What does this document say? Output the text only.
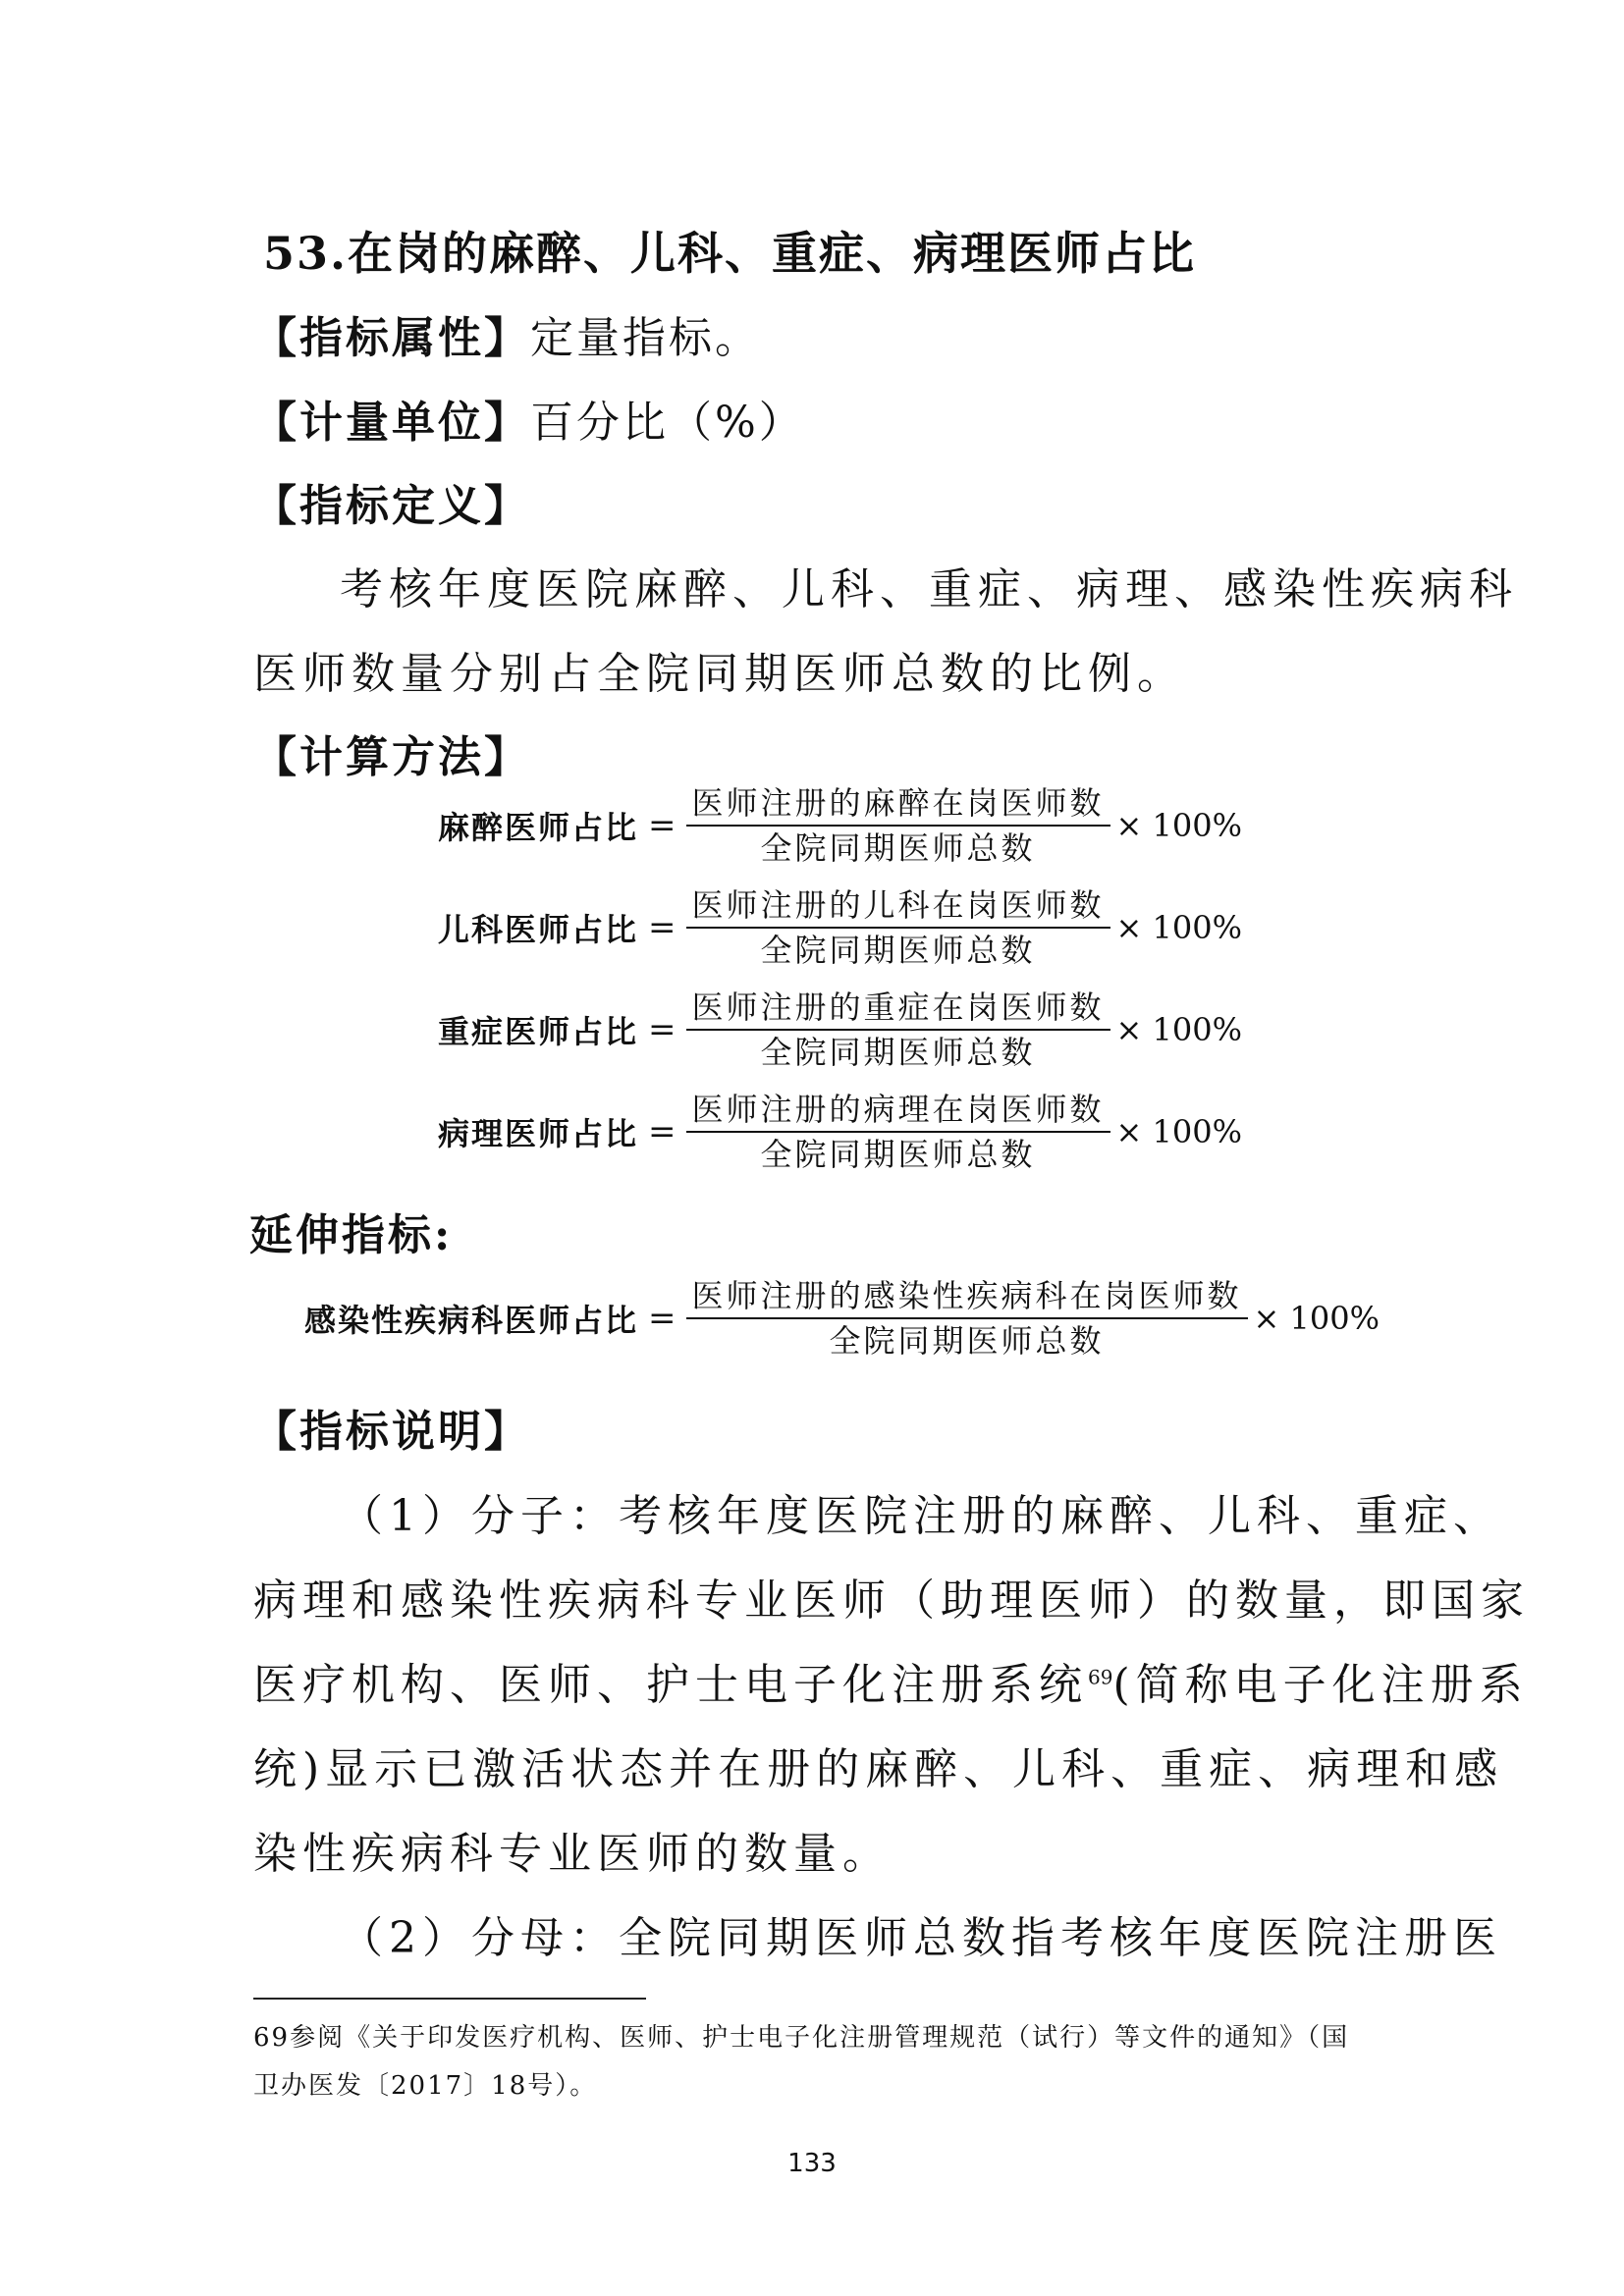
53.在岗的麻醉、儿科、重症、病理医师占比
【指标属性】定量指标。
【计量单位】百分比（%）
【指标定义】
考核年度医院麻醉、儿科、重症、病理、感染性疾病科
医师数量分别占全院同期医师总数的比例。
【计算方法】
麻醉医师占比 = $\frac{\text{医师注册的麻醉在岗医师数}}{\text{全院同期医师总数}} \times 100\%$
儿科医师占比 = $\frac{\text{医师注册的儿科在岗医师数}}{\text{全院同期医师总数}} \times 100\%$
重症医师占比 = $\frac{\text{医师注册的重症在岗医师数}}{\text{全院同期医师总数}} \times 100\%$
病理医师占比 = $\frac{\text{医师注册的病理在岗医师数}}{\text{全院同期医师总数}} \times 100\%$
延伸指标:
感染性疾病科医师占比 = $\frac{\text{医师注册的感染性疾病科在岗医师数}}{\text{全院同期医师总数}} \times 100\%$
【指标说明】
（1）分子：考核年度医院注册的麻醉、儿科、重症、
病理和感染性疾病科专业医师（助理医师）的数量，即国家
医疗机构、医师、护士电子化注册系统$^{69}$(简称电子化注册系
统)显示已激活状态并在册的麻醉、儿科、重症、病理和感
染性疾病科专业医师的数量。
（2）分母：全院同期医师总数指考核年度医院注册医
69参阅《关于印发医疗机构、医师、护士电子化注册管理规范（试行）等文件的通知》（国
卫办医发〔2017〕18号）。
133
